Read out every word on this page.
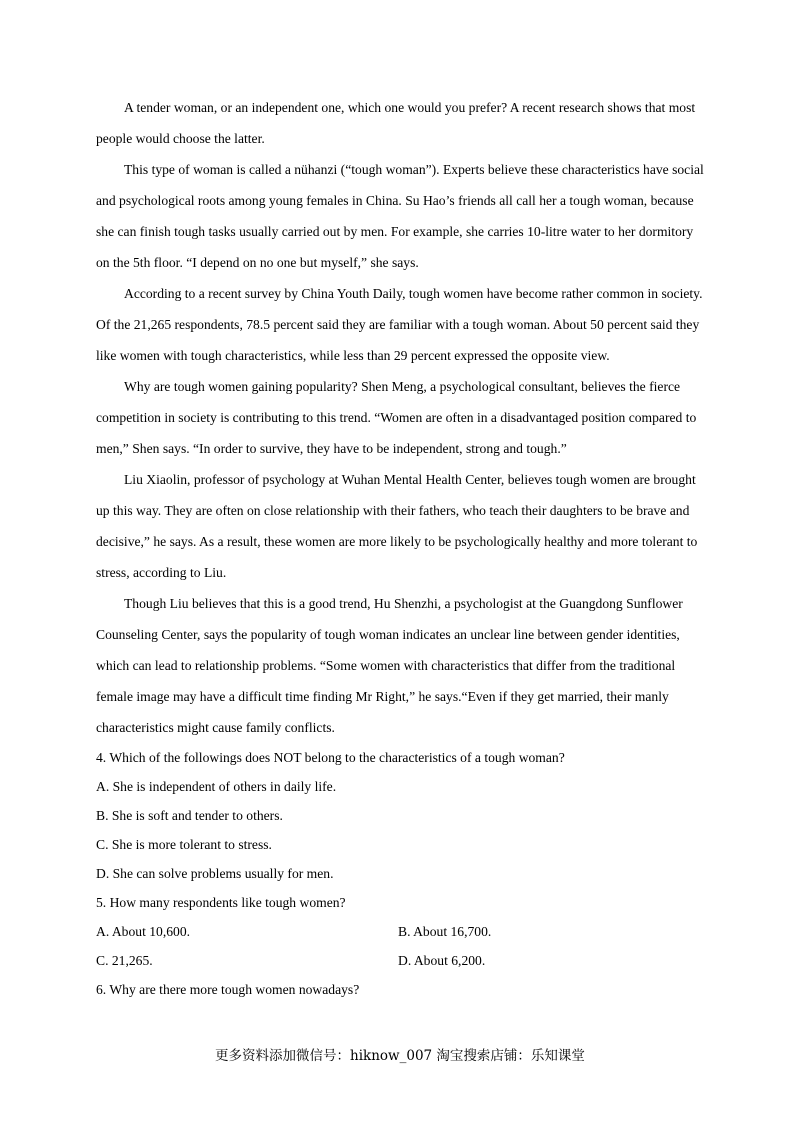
A tender woman, or an independent one, which one would you prefer? A recent research shows that most people would choose the latter.

This type of woman is called a nühanzi (“tough woman”). Experts believe these characteristics have social and psychological roots among young females in China. Su Hao’s friends all call her a tough woman, because she can finish tough tasks usually carried out by men. For example, she carries 10-litre water to her dormitory on the 5th floor. “I depend on no one but myself,” she says.

According to a recent survey by China Youth Daily, tough women have become rather common in society. Of the 21,265 respondents, 78.5 percent said they are familiar with a tough woman. About 50 percent said they like women with tough characteristics, while less than 29 percent expressed the opposite view.

Why are tough women gaining popularity? Shen Meng, a psychological consultant, believes the fierce competition in society is contributing to this trend. “Women are often in a disadvantaged position compared to men,” Shen says. “In order to survive, they have to be independent, strong and tough.”

Liu Xiaolin, professor of psychology at Wuhan Mental Health Center, believes tough women are brought up this way. They are often on close relationship with their fathers, who teach their daughters to be brave and decisive,” he says. As a result, these women are more likely to be psychologically healthy and more tolerant to stress, according to Liu.

Though Liu believes that this is a good trend, Hu Shenzhi, a psychologist at the Guangdong Sunflower Counseling Center, says the popularity of tough woman indicates an unclear line between gender identities, which can lead to relationship problems. “Some women with characteristics that differ from the traditional female image may have a difficult time finding Mr Right,” he says.“Even if they get married, their manly characteristics might cause family conflicts.

4. Which of the followings does NOT belong to the characteristics of a tough woman?

A. She is independent of others in daily life.

B. She is soft and tender to others.

C. She is more tolerant to stress.

D. She can solve problems usually for men.

5. How many respondents like tough women?

A. About 10,600.	B. About 16,700.
C. 21,265.	D. About 6,200.

6. Why are there more tough women nowadays?

更多资料添加微信号：hiknow_007 淘宝搜索店铺：乐知课堂
